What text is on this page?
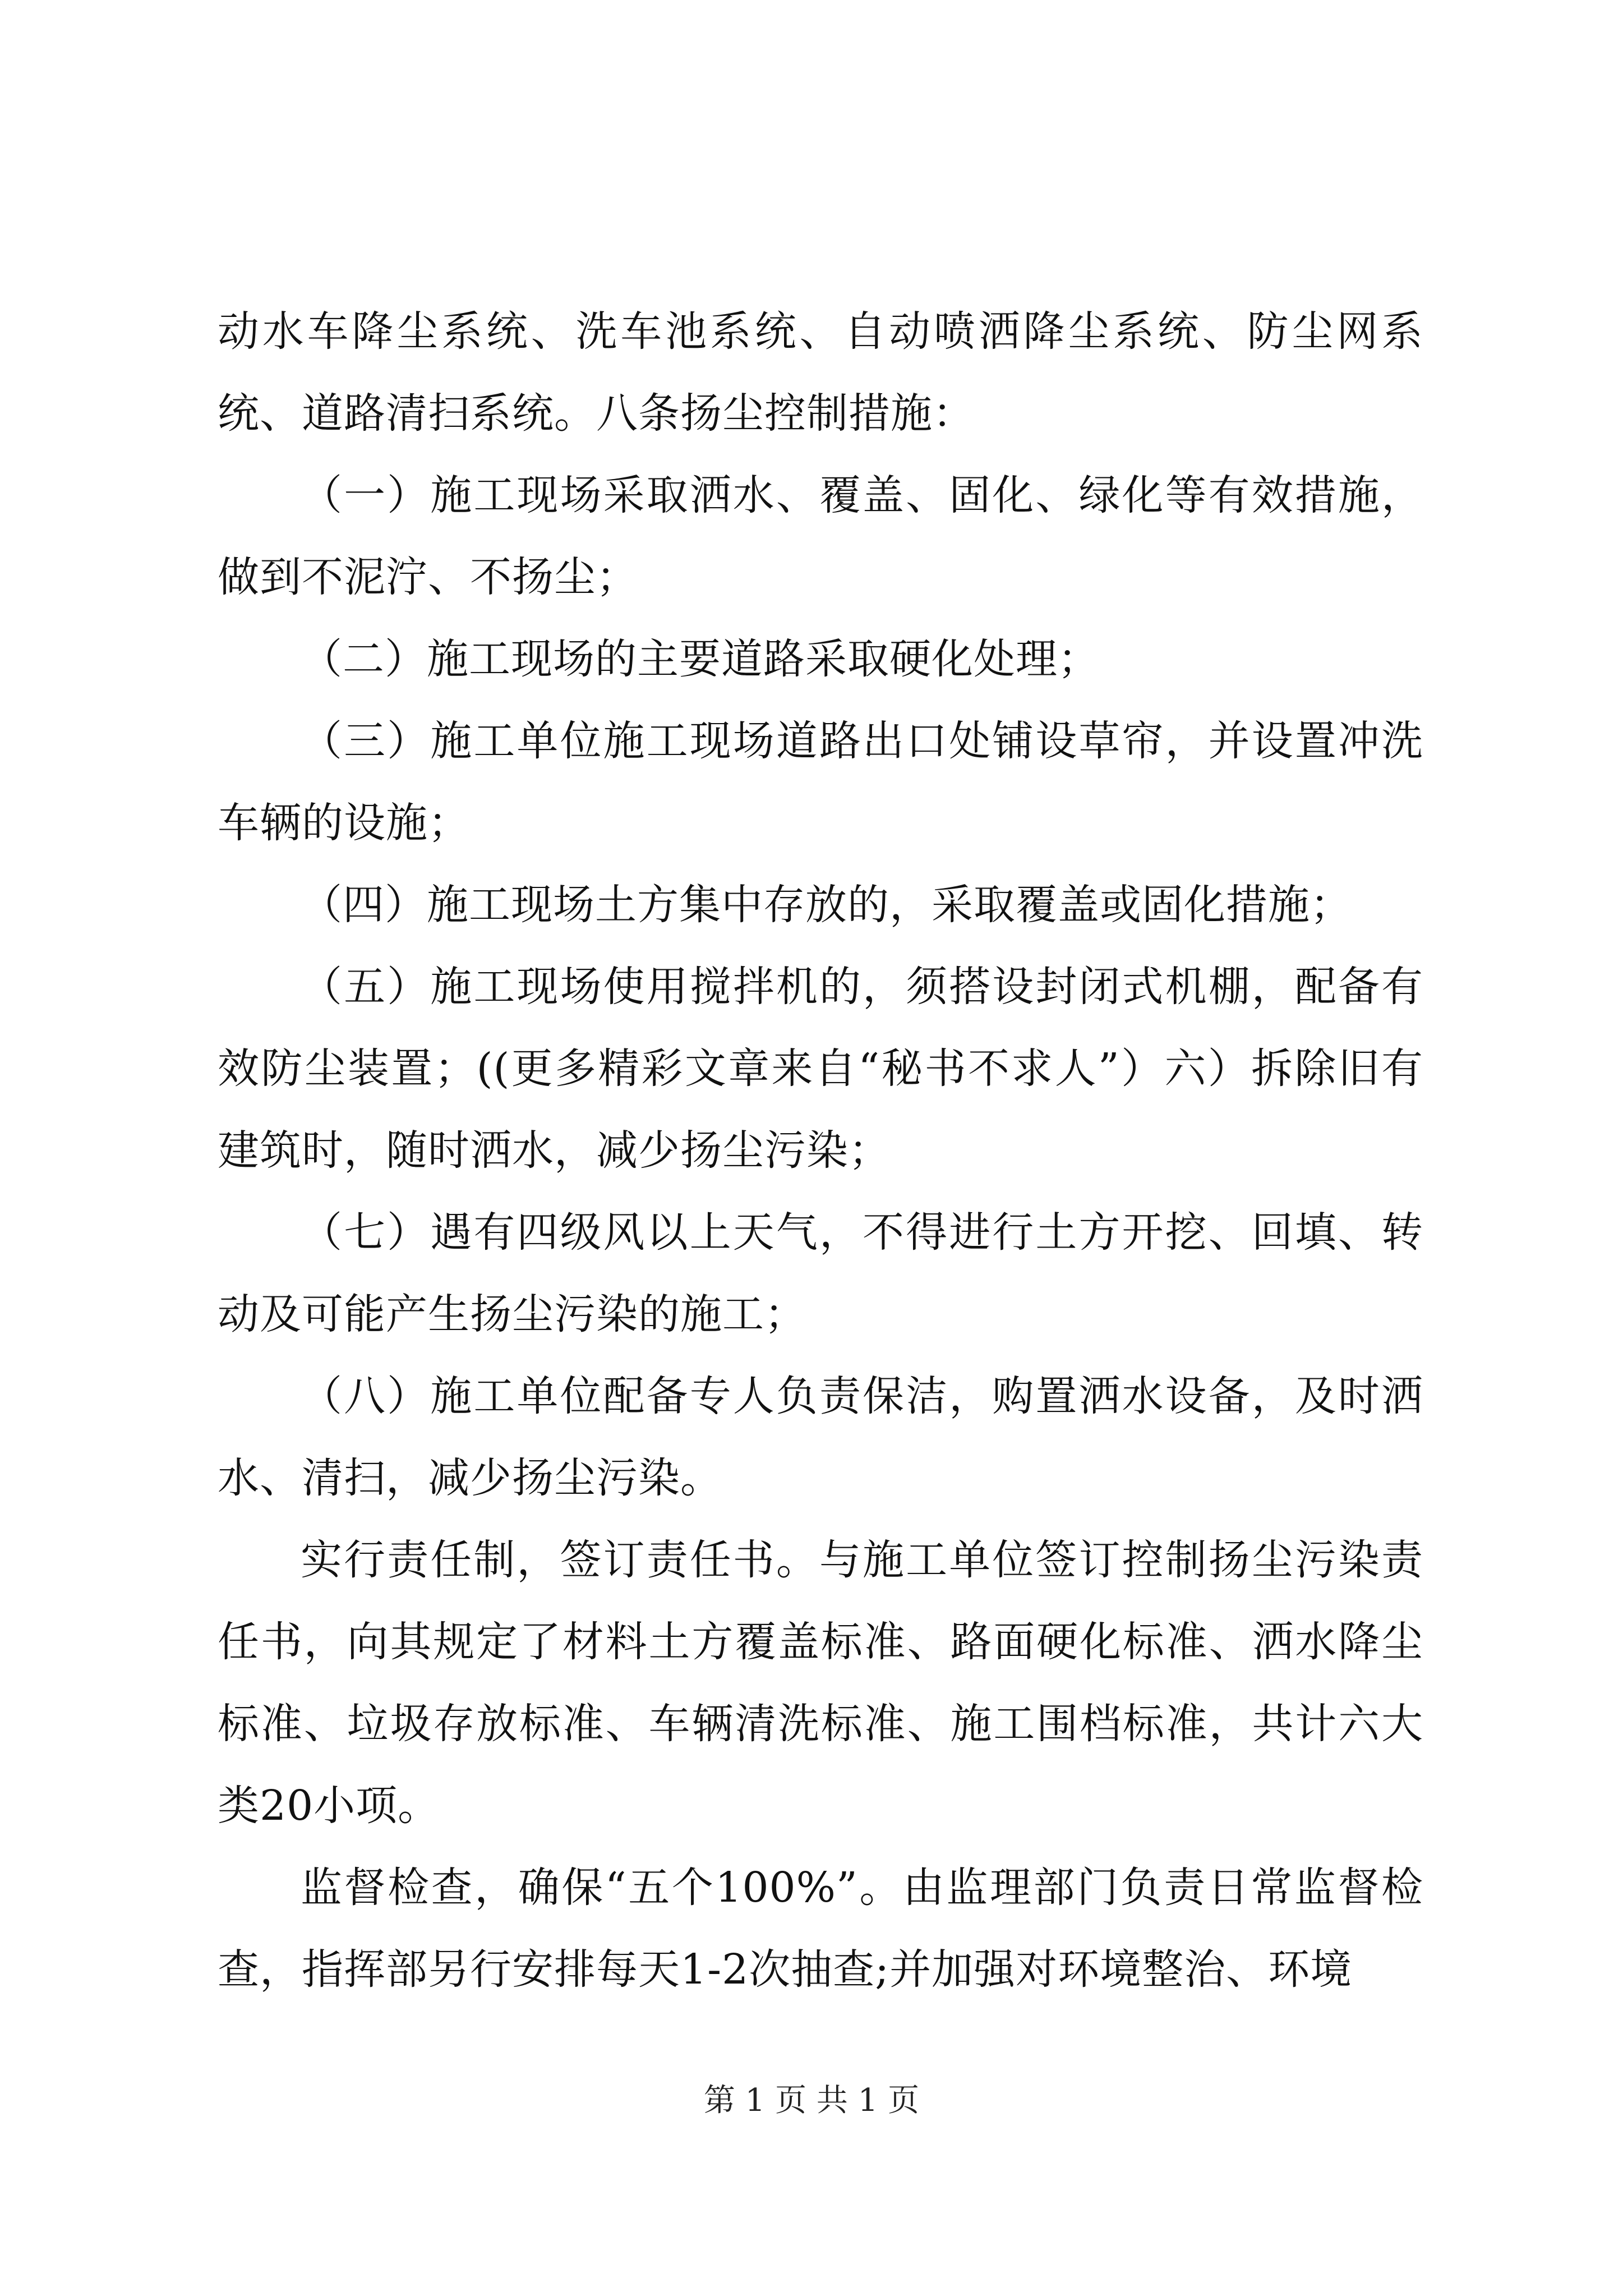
动水车降尘系统、洗车池系统、自动喷洒降尘系统、防尘网系统、道路清扫系统。八条扬尘控制措施：

（一）施工现场采取洒水、覆盖、固化、绿化等有效措施，做到不泥泞、不扬尘；

（二）施工现场的主要道路采取硬化处理；

（三）施工单位施工现场道路出口处铺设草帘，并设置冲洗车辆的设施；

（四）施工现场土方集中存放的，采取覆盖或固化措施；

（五）施工现场使用搅拌机的，须搭设封闭式机棚，配备有效防尘装置；((更多精彩文章来自“秘书不求人”）六）拆除旧有建筑时，随时洒水，减少扬尘污染；

（七）遇有四级风以上天气，不得进行土方开挖、回填、转动及可能产生扬尘污染的施工；

（八）施工单位配备专人负责保洁，购置洒水设备，及时洒水、清扫，减少扬尘污染。

实行责任制，签订责任书。与施工单位签订控制扬尘污染责任书，向其规定了材料土方覆盖标准、路面硬化标准、洒水降尘标准、垃圾存放标准、车辆清洗标准、施工围档标准，共计六大类20小项。

监督检查，确保“五个100%”。由监理部门负责日常监督检查，指挥部另行安排每天1-2次抽查;并加强对环境整治、环境

第 1 页 共 1 页
